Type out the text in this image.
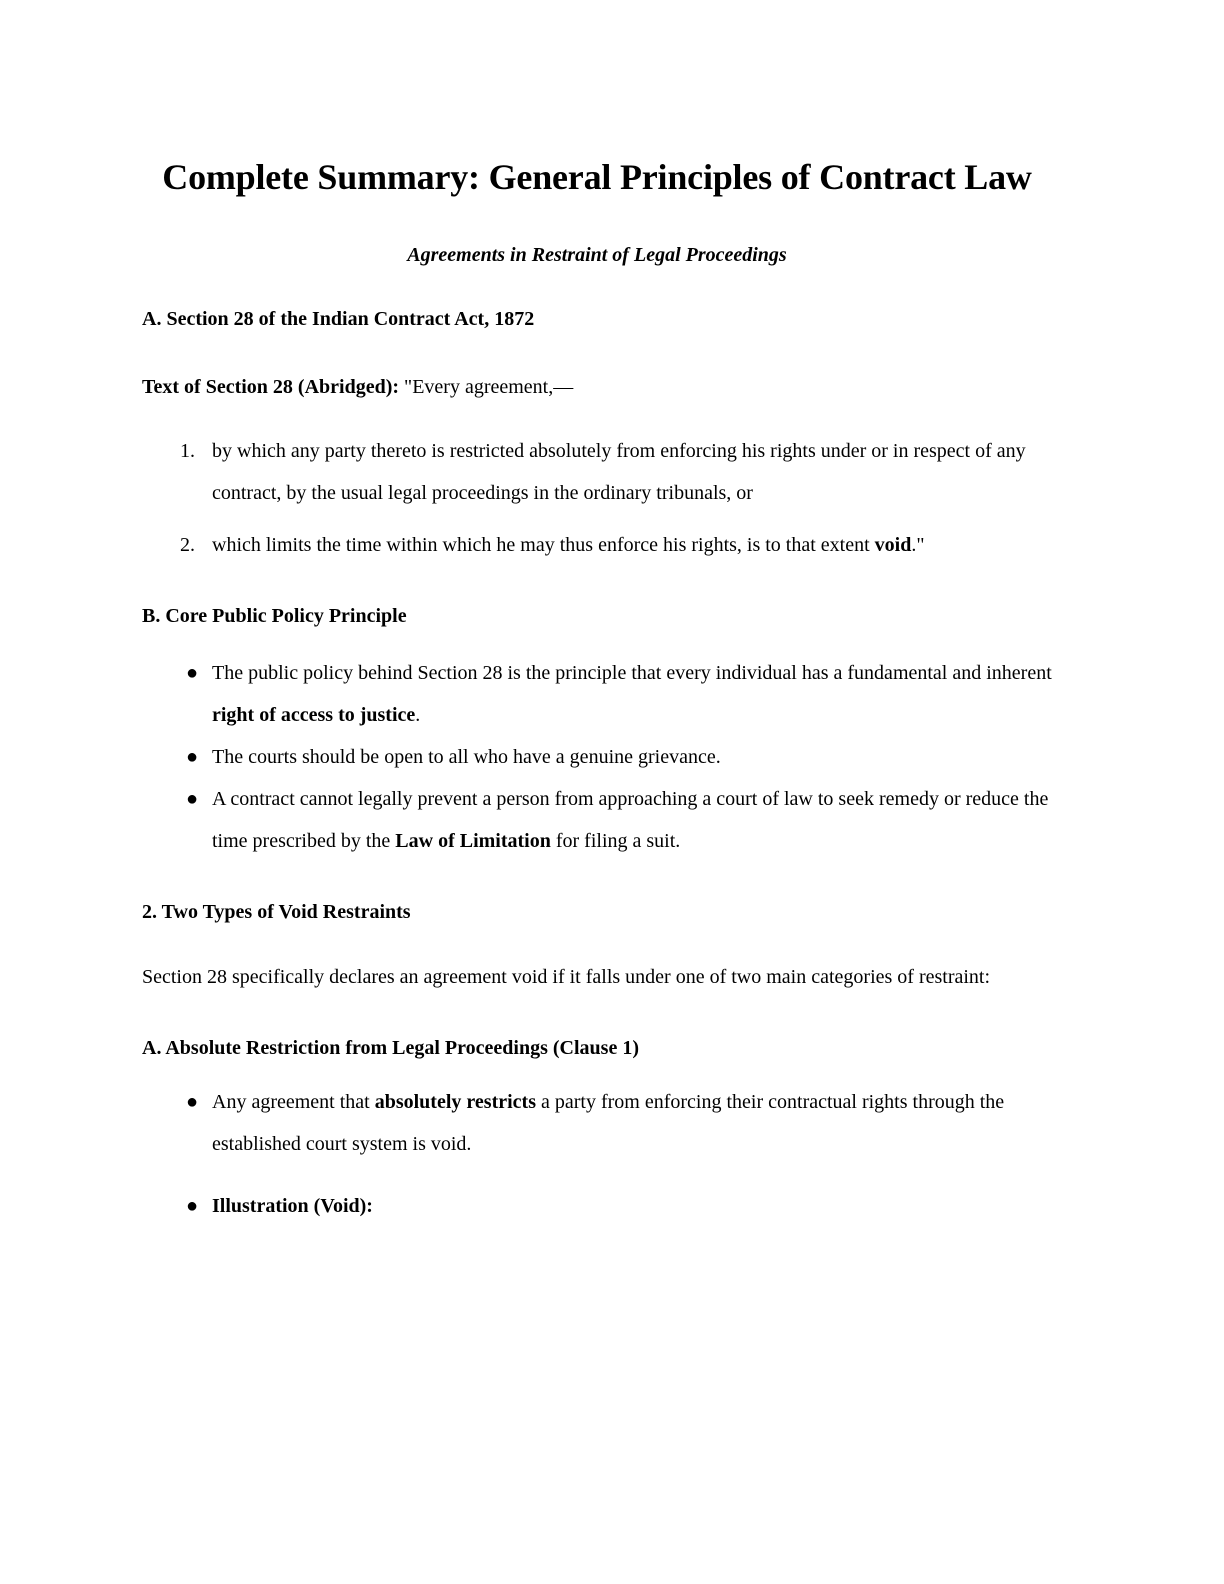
Complete Summary: General Principles of Contract Law
Agreements in Restraint of Legal Proceedings
A. Section 28 of the Indian Contract Act, 1872

Text of Section 28 (Abridged): "Every agreement,—

1. by which any party thereto is restricted absolutely from enforcing his rights under or in respect of any contract, by the usual legal proceedings in the ordinary tribunals, or
2. which limits the time within which he may thus enforce his rights, is to that extent void."
B. Core Public Policy Principle
● The public policy behind Section 28 is the principle that every individual has a fundamental and inherent right of access to justice.
● The courts should be open to all who have a genuine grievance.
● A contract cannot legally prevent a person from approaching a court of law to seek remedy or reduce the time prescribed by the Law of Limitation for filing a suit.
2. Two Types of Void Restraints

Section 28 specifically declares an agreement void if it falls under one of two main categories of restraint:

A. Absolute Restriction from Legal Proceedings (Clause 1)
● Any agreement that absolutely restricts a party from enforcing their contractual rights through the established court system is void.
● Illustration (Void):
